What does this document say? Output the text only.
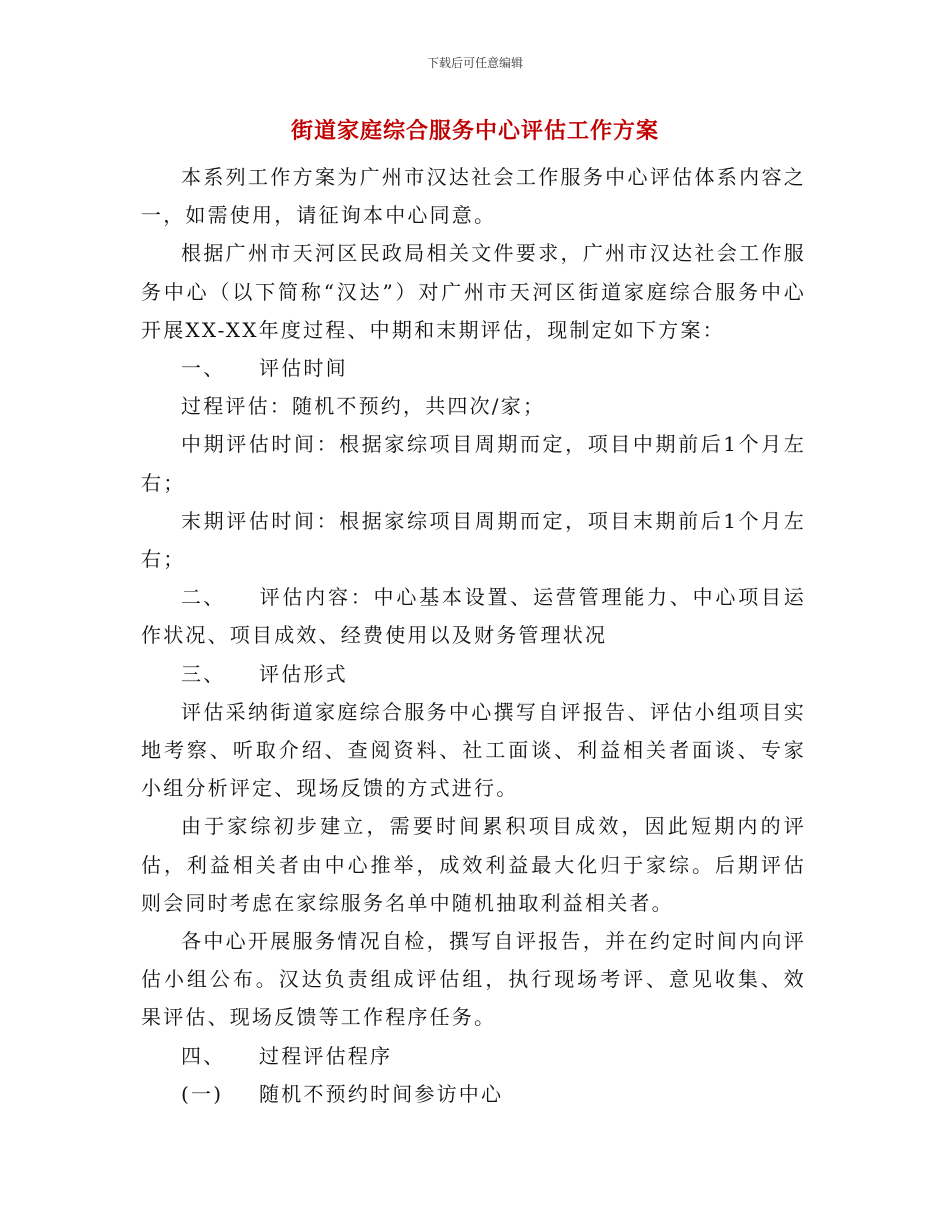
下载后可任意编辑
街道家庭综合服务中心评估工作方案

本系列工作方案为广州市汉达社会工作服务中心评估体系内容之一，如需使用，请征询本中心同意。

根据广州市天河区民政局相关文件要求，广州市汉达社会工作服务中心（以下简称“汉达”）对广州市天河区街道家庭综合服务中心开展XX-XX年度过程、中期和末期评估，现制定如下方案：

一、 评估时间

过程评估：随机不预约，共四次/家；

中期评估时间：根据家综项目周期而定，项目中期前后1个月左右；

末期评估时间：根据家综项目周期而定，项目末期前后1个月左右；

二、 评估内容：中心基本设置、运营管理能力、中心项目运作状况、项目成效、经费使用以及财务管理状况

三、 评估形式

评估采纳街道家庭综合服务中心撰写自评报告、评估小组项目实地考察、听取介绍、查阅资料、社工面谈、利益相关者面谈、专家小组分析评定、现场反馈的方式进行。

由于家综初步建立，需要时间累积项目成效，因此短期内的评估，利益相关者由中心推举，成效利益最大化归于家综。后期评估则会同时考虑在家综服务名单中随机抽取利益相关者。

各中心开展服务情况自检，撰写自评报告，并在约定时间内向评估小组公布。汉达负责组成评估组，执行现场考评、意见收集、效果评估、现场反馈等工作程序任务。

四、 过程评估程序

(一) 随机不预约时间参访中心
